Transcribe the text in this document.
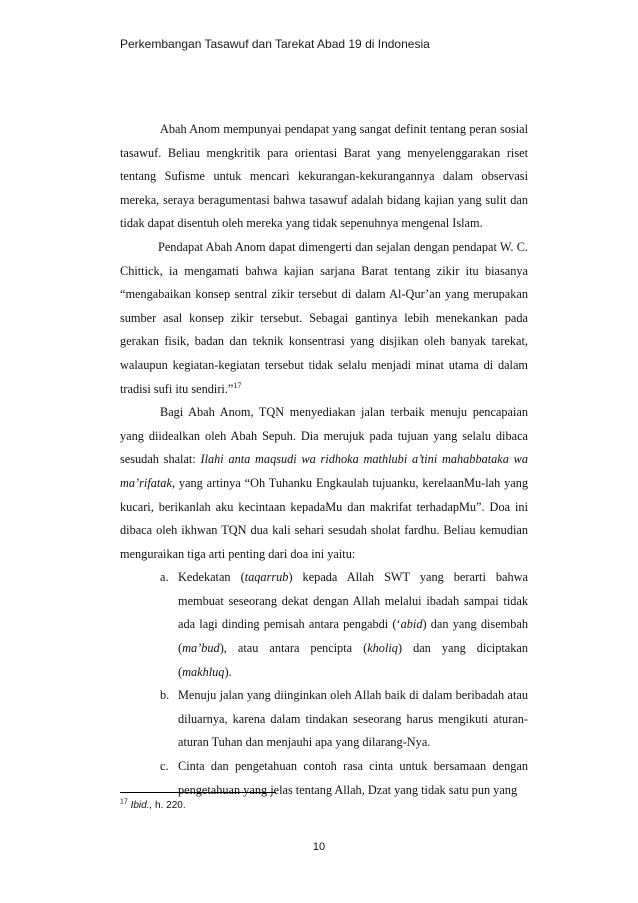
Perkembangan Tasawuf dan Tarekat Abad 19 di Indonesia

Abah Anom mempunyai pendapat yang sangat definit tentang peran sosial tasawuf. Beliau mengkritik para orientasi Barat yang menyelenggarakan riset tentang Sufisme untuk mencari kekurangan-kekurangannya dalam observasi mereka, seraya beragumentasi bahwa tasawuf adalah bidang kajian yang sulit dan tidak dapat disentuh oleh mereka yang tidak sepenuhnya mengenal Islam.

Pendapat Abah Anom dapat dimengerti dan sejalan dengan pendapat W. C. Chittick, ia mengamati bahwa kajian sarjana Barat tentang zikir itu biasanya “mengabaikan konsep sentral zikir tersebut di dalam Al-Qur’an yang merupakan sumber asal konsep zikir tersebut. Sebagai gantinya lebih menekankan pada gerakan fisik, badan dan teknik konsentrasi yang disjikan oleh banyak tarekat, walaupun kegiatan-kegiatan tersebut tidak selalu menjadi minat utama di dalam tradisi sufi itu sendiri.”$^{17}$

Bagi Abah Anom, TQN menyediakan jalan terbaik menuju pencapaian yang diidealkan oleh Abah Sepuh. Dia merujuk pada tujuan yang selalu dibaca sesudah shalat: Ilahi anta maqsudi wa ridhoka mathlubi a’tini mahabbataka wa ma’rifatak, yang artinya “Oh Tuhanku Engkaulah tujuanku, kerelaanMu-lah yang kucari, berikanlah aku kecintaan kepadaMu dan makrifat terhadapMu”. Doa ini dibaca oleh ikhwan TQN dua kali sehari sesudah sholat fardhu. Beliau kemudian menguraikan tiga arti penting dari doa ini yaitu:

a. Kedekatan (taqarrub) kepada Allah SWT yang berarti bahwa membuat seseorang dekat dengan Allah melalui ibadah sampai tidak ada lagi dinding pemisah antara pengabdi (‘abid) dan yang disembah (ma’bud), atau antara pencipta (kholiq) dan yang diciptakan (makhluq).
b. Menuju jalan yang diinginkan oleh Allah baik di dalam beribadah atau diluarnya, karena dalam tindakan seseorang harus mengikuti aturan-aturan Tuhan dan menjauhi apa yang dilarang-Nya.
c. Cinta dan pengetahuan contoh rasa cinta untuk bersamaan dengan pengetahuan yang jelas tentang Allah, Dzat yang tidak satu pun yang
$^{17}$ Ibid., h. 220.
10
